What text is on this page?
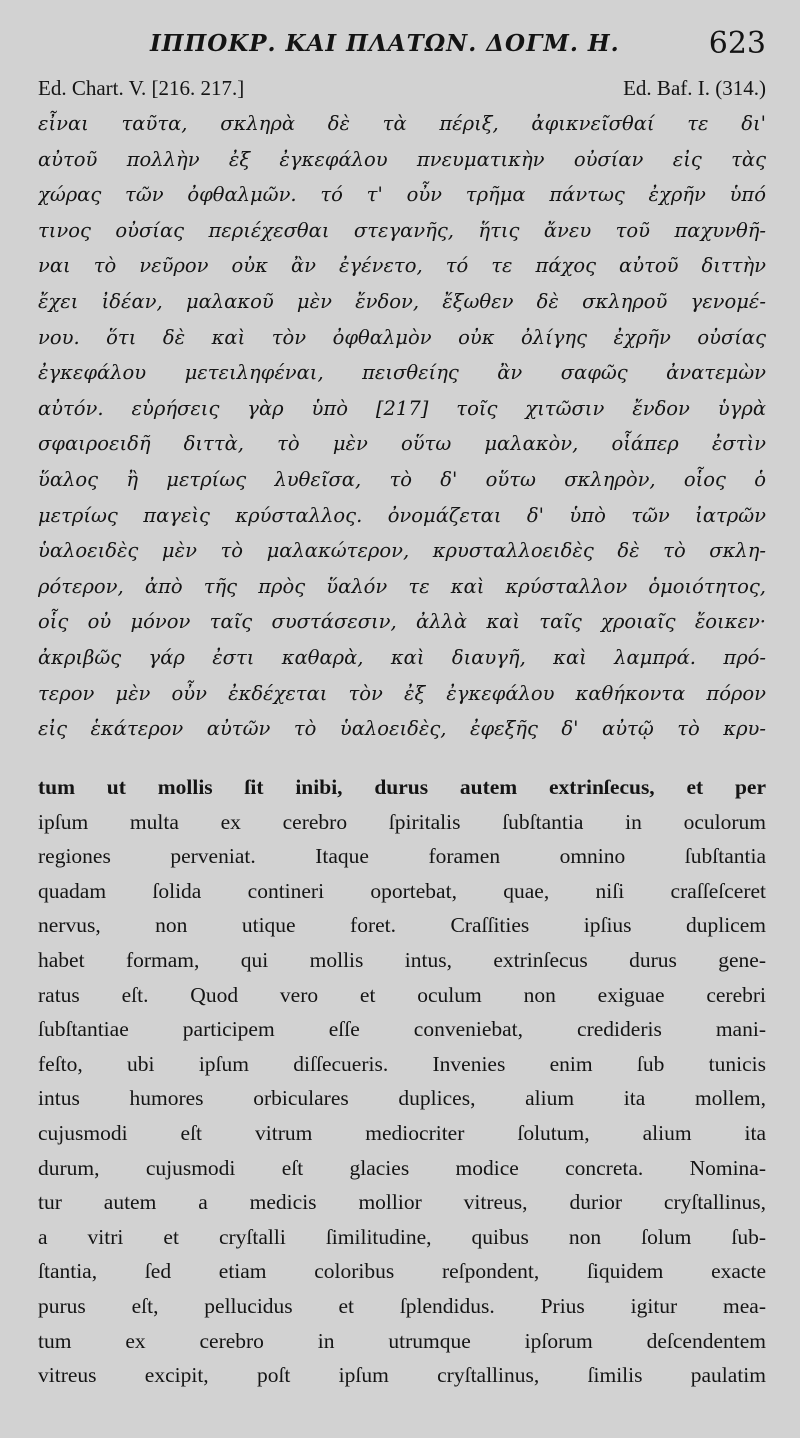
ΙΠΠΟΚΡ. ΚΑΙ ΠΛΑΤΩΝ. ΔΟΓΜ. Η.	623
Ed. Chart. V. [216. 217.]	Ed. Baf. I. (314.)
εἶναι ταῦτα, σκληρὰ δὲ τὰ πέριξ, ἀφικνεῖσθαί τε δι'
αὐτοῦ πολλὴν ἐξ ἐγκεφάλου πνευματικὴν οὐσίαν εἰς τὰς
χώρας τῶν ὀφθαλμῶν. τό τ' οὖν τρῆμα πάντως ἐχρῆν ὑπό
τινος οὐσίας περιέχεσθαι στεγανῆς, ἥτις ἄνευ τοῦ παχυνθῆ-
ναι τὸ νεῦρον οὐκ ἂν ἐγένετο, τό τε πάχος αὐτοῦ διττὴν
ἔχει ἰδέαν, μαλακοῦ μὲν ἔνδον, ἔξωθεν δὲ σκληροῦ γενομέ-
νου. ὅτι δὲ καὶ τὸν ὀφθαλμὸν οὐκ ὀλίγης ἐχρῆν οὐσίας
ἐγκεφάλου μετειληφέναι, πεισθείης ἂν σαφῶς ἀνατεμὼν
αὐτόν. εὑρήσεις γὰρ ὑπὸ [217] τοῖς χιτῶσιν ἔνδον ὑγρὰ
σφαιροειδῆ διττὰ, τὸ μὲν οὕτω μαλακὸν, οἷάπερ ἐστὶν
ὕαλος ἢ μετρίως λυθεῖσα, τὸ δ' οὕτω σκληρὸν, οἷος ὁ
μετρίως παγεὶς κρύσταλλος. ὀνομάζεται δ' ὑπὸ τῶν ἰατρῶν
ὑαλοειδὲς μὲν τὸ μαλακώτερον, κρυσταλλοειδὲς δὲ τὸ σκλη-
ρότερον, ἀπὸ τῆς πρὸς ὕαλόν τε καὶ κρύσταλλον ὁμοιότητος,
οἷς οὐ μόνον ταῖς συστάσεσιν, ἀλλὰ καὶ ταῖς χροιαῖς ἔοικεν·
ἀκριβῶς γάρ ἐστι καθαρὰ, καὶ διαυγῆ, καὶ λαμπρά. πρό-
τερον μὲν οὖν ἐκδέχεται τὸν ἐξ ἐγκεφάλου καθήκοντα πόρον
εἰς ἑκάτερον αὐτῶν τὸ ὑαλοειδὲς, ἐφεξῆς δ' αὐτῷ τὸ κρυ-
tum ut mollis ſit inibi, durus autem extrinſecus, et per
ipſum multa ex cerebro ſpiritalis ſubſtantia in oculorum
regiones perveniat. Itaque foramen omnino ſubſtantia
quadam ſolida contineri oportebat, quae, niſi craſſeſceret
nervus, non utique foret. Craſſities ipſius duplicem
habet formam, qui mollis intus, extrinſecus durus gene-
ratus eſt. Quod vero et oculum non exiguae cerebri
ſubſtantiae participem eſſe conveniebat, credideris mani-
feſto, ubi ipſum diſſecueris. Invenies enim ſub tunicis
intus humores orbiculares duplices, alium ita mollem,
cujusmodi eſt vitrum mediocriter ſolutum, alium ita
durum, cujusmodi eſt glacies modice concreta. Nomina-
tur autem a medicis mollior vitreus, durior cryſtallinus,
a vitri et cryſtalli ſimilitudine, quibus non ſolum ſub-
ſtantia, ſed etiam coloribus reſpondent, ſiquidem exacte
purus eſt, pellucidus et ſplendidus. Prius igitur mea-
tum ex cerebro in utrumque ipſorum deſcendentem
vitreus excipit, poſt ipſum cryſtallinus, ſimilis paulatim
